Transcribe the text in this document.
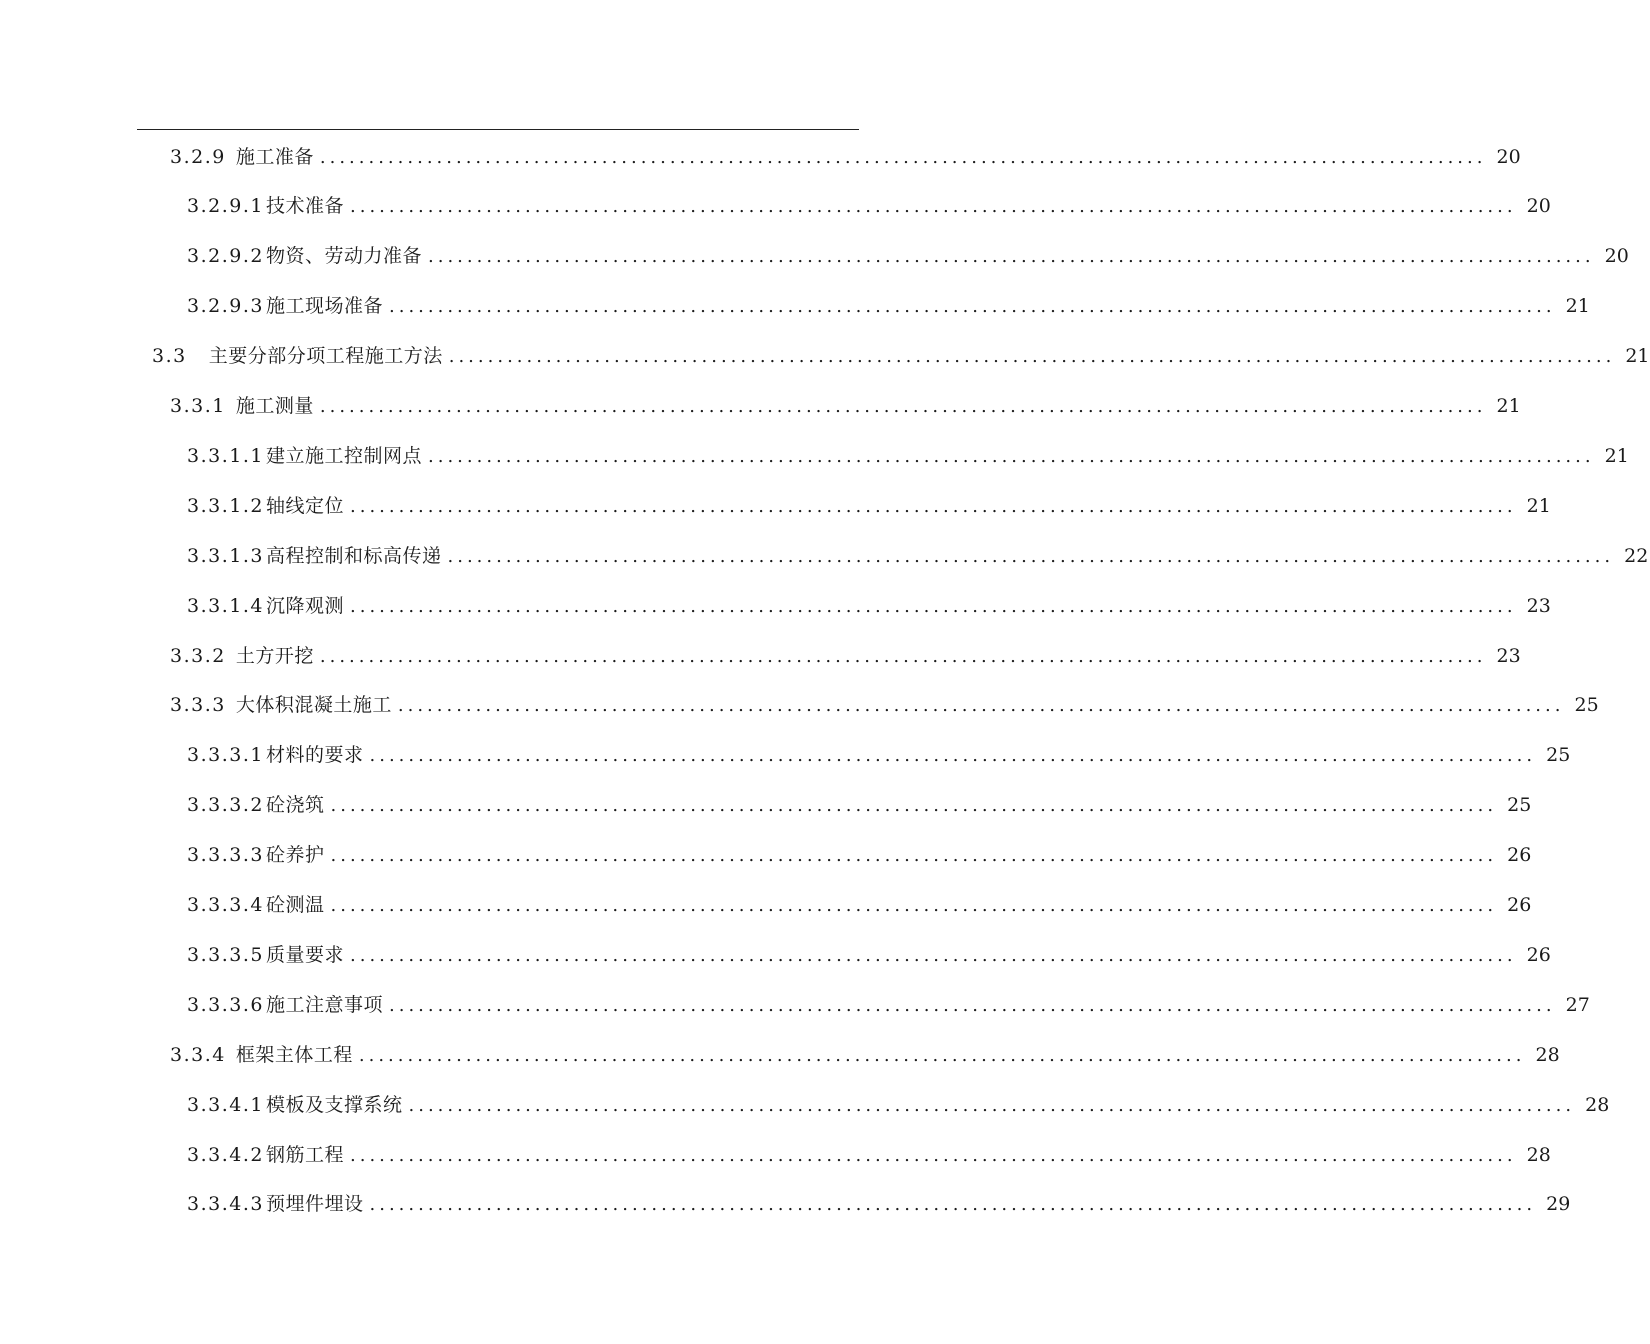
3.2.9 施工准备 ........................................................................................................................ 20
3.2.9.1 技术准备 ........................................................................................................................ 20
3.2.9.2 物资、劳动力准备 ........................................................................................................................ 20
3.2.9.3 施工现场准备 ........................................................................................................................ 21
3.3 主要分部分项工程施工方法 ........................................................................................................................ 21
3.3.1 施工测量 ........................................................................................................................ 21
3.3.1.1 建立施工控制网点 ........................................................................................................................ 21
3.3.1.2 轴线定位 ........................................................................................................................ 21
3.3.1.3 高程控制和标高传递 ........................................................................................................................ 22
3.3.1.4 沉降观测 ........................................................................................................................ 23
3.3.2 土方开挖 ........................................................................................................................ 23
3.3.3 大体积混凝土施工 ........................................................................................................................ 25
3.3.3.1 材料的要求 ........................................................................................................................ 25
3.3.3.2 砼浇筑 ........................................................................................................................ 25
3.3.3.3 砼养护 ........................................................................................................................ 26
3.3.3.4 砼测温 ........................................................................................................................ 26
3.3.3.5 质量要求 ........................................................................................................................ 26
3.3.3.6 施工注意事项 ........................................................................................................................ 27
3.3.4 框架主体工程 ........................................................................................................................ 28
3.3.4.1 模板及支撑系统 ........................................................................................................................ 28
3.3.4.2 钢筋工程 ........................................................................................................................ 28
3.3.4.3 预埋件埋设 ........................................................................................................................ 29
